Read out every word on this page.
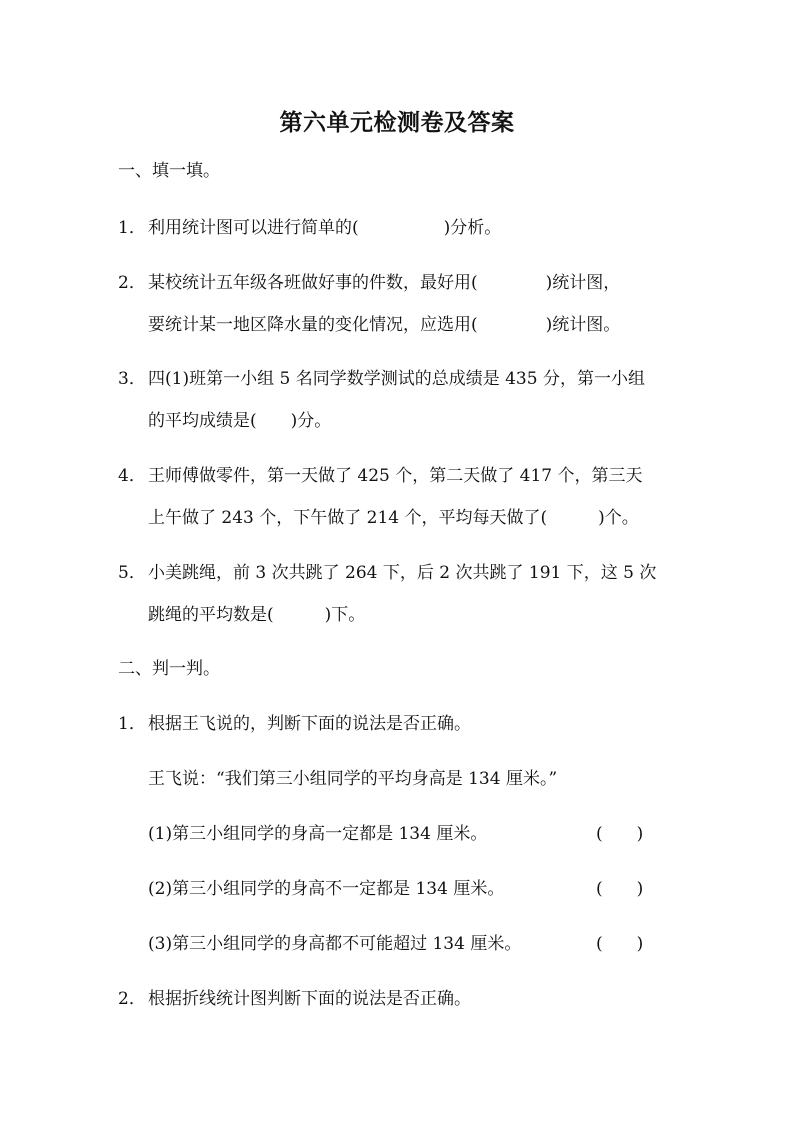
第六单元检测卷及答案
一、填一填。
1． 利用统计图可以进行简单的(　　　　　)分析。
2． 某校统计五年级各班做好事的件数，最好用(　　　　)统计图，
要统计某一地区降水量的变化情况，应选用(　　　　)统计图。
3． 四(1)班第一小组 5 名同学数学测试的总成绩是 435 分，第一小组
的平均成绩是(　　)分。
4． 王师傅做零件，第一天做了 425 个，第二天做了 417 个，第三天
上午做了 243 个，下午做了 214 个，平均每天做了(　　　)个。
5． 小美跳绳，前 3 次共跳了 264 下，后 2 次共跳了 191 下，这 5 次
跳绳的平均数是(　　　)下。
二、判一判。
1． 根据王飞说的，判断下面的说法是否正确。
王飞说：“我们第三小组同学的平均身高是 134 厘米。”
(1)第三小组同学的身高一定都是 134 厘米。	(　　)
(2)第三小组同学的身高不一定都是 134 厘米。	(　　)
(3)第三小组同学的身高都不可能超过 134 厘米。	(　　)
2． 根据折线统计图判断下面的说法是否正确。
